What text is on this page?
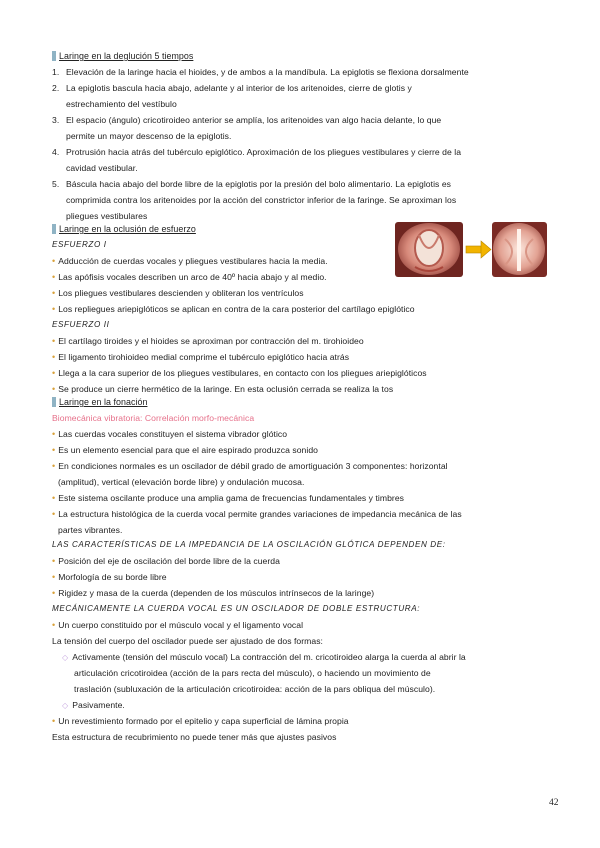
Laringe en la deglución 5 tiempos
1. Elevación de la laringe hacia el hioides, y de ambos a la mandíbula. La epiglotis se flexiona dorsalmente
2. La epiglotis bascula hacia abajo, adelante y al interior de los aritenoides, cierre de glotis y
estrechamiento del vestíbulo
3. El espacio (ángulo) cricotiroideo anterior se amplía, los aritenoides van algo hacia delante, lo que
permite un mayor descenso de la epiglotis.
4. Protrusión hacia atrás del tubérculo epiglótico. Aproximación de los pliegues vestibulares y cierre de la
cavidad vestibular.
5. Báscula hacia abajo del borde libre de la epiglotis por la presión del bolo alimentario. La epiglotis es
comprimida contra los aritenoides por la acción del constrictor inferior de la faringe. Se aproximan los
pliegues vestibulares
Laringe en la oclusión de esfuerzo
ESFUERZO I
• Adducción de cuerdas vocales y pliegues vestibulares hacia la media.
• Las apófisis vocales describen un arco de 40º hacia abajo y al medio.
• Los pliegues vestibulares descienden y obliteran los ventrículos
• Los repliegues ariepiglóticos se aplican en contra de la cara posterior del cartílago epiglótico
ESFUERZO II
• El cartílago tiroides y el hioides se aproximan por contracción del m. tirohioideo
• El ligamento tirohioideo medial comprime el tubérculo epiglótico hacia atrás
• Llega a la cara superior de los pliegues vestibulares, en contacto con los pliegues ariepiglóticos
• Se produce un cierre hermético de la laringe. En esta oclusión cerrada se realiza la tos
Laringe en la fonación
Biomecánica vibratoria: Correlación morfo-mecánica
• Las cuerdas vocales constituyen el sistema vibrador glótico
• Es un elemento esencial para que el aire espirado produzca sonido
• En condiciones normales es un oscilador de débil grado de amortiguación 3 componentes: horizontal
(amplitud), vertical (elevación borde libre) y ondulación mucosa.
• Este sistema oscilante produce una amplia gama de frecuencias fundamentales y timbres
• La estructura histológica de la cuerda vocal permite grandes variaciones de impedancia mecánica de las
partes vibrantes.
LAS CARACTERÍSTICAS DE LA IMPEDANCIA DE LA OSCILACIÓN GLÓTICA DEPENDEN DE:
• Posición del eje de oscilación del borde libre de la cuerda
• Morfología de su borde libre
• Rigidez y masa de la cuerda (dependen de los músculos intrínsecos de la laringe)
MECÁNICAMENTE LA CUERDA VOCAL ES UN OSCILADOR DE DOBLE ESTRUCTURA:
• Un cuerpo constituido por el músculo vocal y el ligamento vocal
La tensión del cuerpo del oscilador puede ser ajustado de dos formas:
◇ Activamente (tensión del músculo vocal) La contracción del m. cricotiroideo alarga la cuerda al abrir la
articulación cricotiroidea (acción de la pars recta del músculo), o haciendo un movimiento de
traslación (subluxación de la articulación cricotiroidea: acción de la pars obliqua del músculo).
◇ Pasivamente.
• Un revestimiento formado por el epitelio y capa superficial de lámina propia
Esta estructura de recubrimiento no puede tener más que ajustes pasivos
42
